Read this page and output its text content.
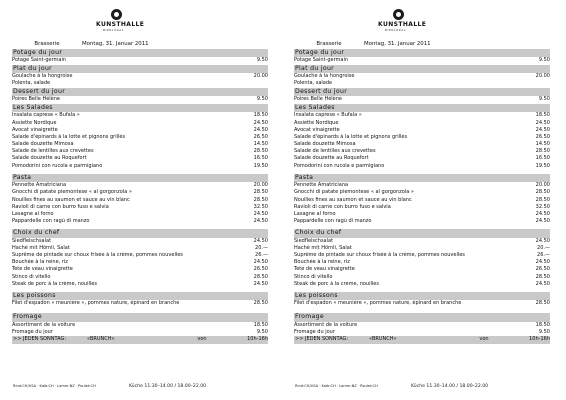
KUNSTHALLE
BIERLOKAL
Brasserie	Montag, 31. Januar 2011
Potage du jour
Potage Saint-germain	9.50
Plat du jour
Goulache à la hongroise	20.00
Polenta, salade
Dessert du jour
Poires Belle Hélène	9.50
Les Salades
Insalata caprese « Bufala »	18.50
Assiette Nordique	24.50
Avocat vinaigrette	24.50
Salade d'épinards à la lotte et pignons grillés	26.50
Salade douzette Mimosa	14.50
Salade de lentilles aux crevettes	28.50
Salade douzette au Roquefort	16.50
Pomodorini con rucola e parmigiano	19.50
Pasta
Pennette Amatriciana	20.00
Gnocchi di patate piemontese « al gorgonzola »	28.50
Nouilles fines au saumon et sauce au vin blanc	28.50
Ravioli di carne con burro fuso e salvia	32.50
Lasagne al forno	24.50
Pappardelle con ragù di manzo	24.50
Choix du chef
Siedfleischsalat	24.50
Haché mit Hörnli, Salat	20.—
Suprême de pintade sur choux frisée à la crème, pommes nouvelles	26.—
Bouchée à la reine, riz	24.50
Tete de veau vinaigrette	26.50
Stinco di vitello	28.50
Steak de porc à la crème, nouilles	24.50
Les poissons
Filet d'espadon « meunière », pommes nature, épinard en branche	28.50
Fromage
Assortiment de la voiture	18.50
Fromage du jour	9.50
>> JEDEN SONNTAG:	«BRUNCH»	von	10h-16h
Rind:CH/USA · Kalb:CH · Lamm:NZ · Poulet:CH	Küche 11.30–14.00 / 18.00–22.00
KUNSTHALLE
BIERLOKAL
Brasserie	Montag, 31. Januar 2011
Potage du jour
Potage Saint-germain	9.50
Plat du jour
Goulache à la hongroise	20.00
Polenta, salade
Dessert du jour
Poires Belle Hélène	9.50
Les Salades
Insalata caprese « Bufala »	18.50
Assiette Nordique	24.50
Avocat vinaigrette	24.50
Salade d'épinards à la lotte et pignons grillés	26.50
Salade douzette Mimosa	14.50
Salade de lentilles aux crevettes	28.50
Salade douzette au Roquefort	16.50
Pomodorini con rucola e parmigiano	19.50
Pasta
Pennette Amatriciana	20.00
Gnocchi di patate piemontese « al gorgonzola »	28.50
Nouilles fines au saumon et sauce au vin blanc	28.50
Ravioli di carne con burro fuso e salvia	32.50
Lasagne al forno	24.50
Pappardelle con ragù di manzo	24.50
Choix du chef
Siedfleischsalat	24.50
Haché mit Hörnli, Salat	20.—
Suprême de pintade sur choux frisée à la crème, pommes nouvelles	26.—
Bouchée à la reine, riz	24.50
Tete de veau vinaigrette	26.50
Stinco di vitello	28.50
Steak de porc à la crème, nouilles	24.50
Les poissons
Filet d'espadon « meunière », pommes nature, épinard en branche	28.50
Fromage
Assortiment de la voiture	18.50
Fromage du jour	9.50
>> JEDEN SONNTAG:	«BRUNCH»	von	10h-16h
Rind:CH/USA · Kalb:CH · Lamm:NZ · Poulet:CH	Küche 11.30–14.00 / 18.00–22.00
